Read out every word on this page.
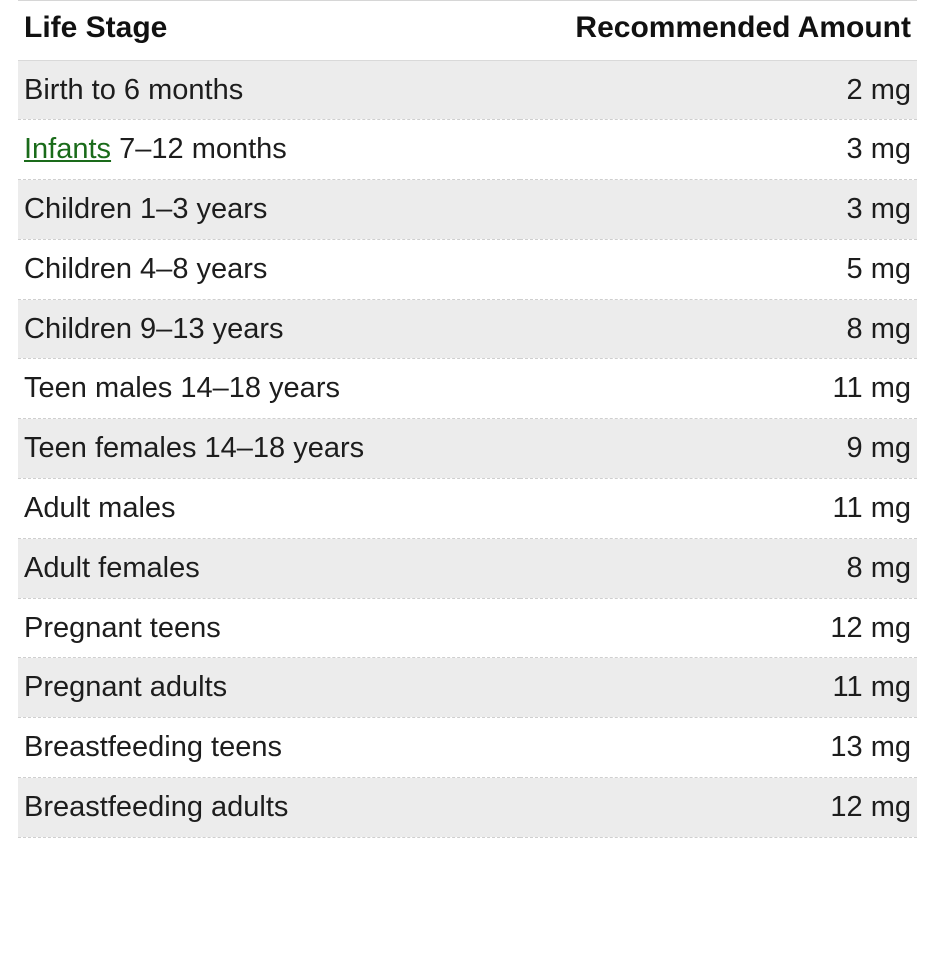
Life Stage	Recommended Amount
Birth to 6 months	2 mg
Infants 7–12 months	3 mg
Children 1–3 years	3 mg
Children 4–8 years	5 mg
Children 9–13 years	8 mg
Teen males 14–18 years	11 mg
Teen females 14–18 years	9 mg
Adult males	11 mg
Adult females	8 mg
Pregnant teens	12 mg
Pregnant adults	11 mg
Breastfeeding teens	13 mg
Breastfeeding adults	12 mg
